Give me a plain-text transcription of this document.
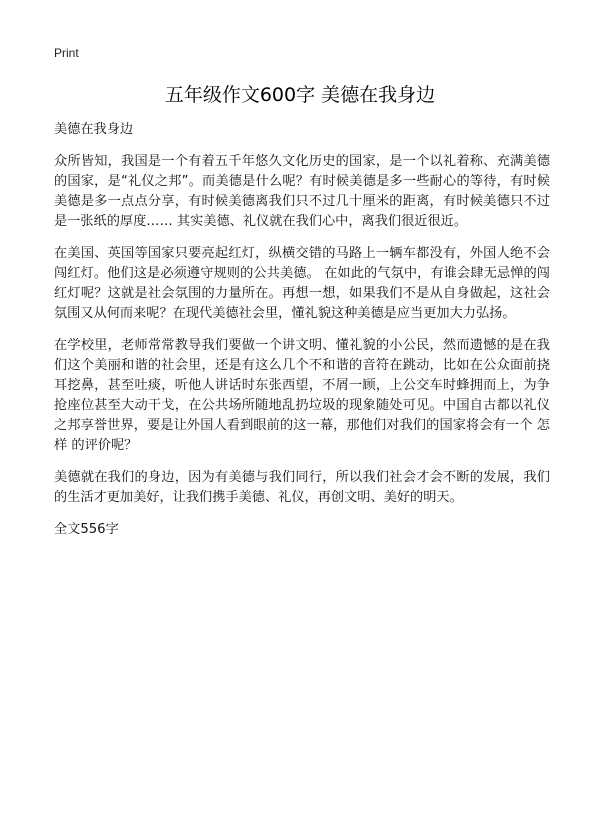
Print
五年级作文600字 美德在我身边

美德在我身边

众所皆知，我国是一个有着五千年悠久文化历史的国家，是一个以礼着称、充满美德的国家，是“礼仪之邦”。而美德是什么呢？有时候美德是多一些耐心的等待，有时候美德是多一点点分享，有时候美德离我们只不过几十厘米的距离，有时候美德只不过是一张纸的厚度…… 其实美德、礼仪就在我们心中，离我们很近很近。

在美国、英国等国家只要亮起红灯，纵横交错的马路上一辆车都没有，外国人绝不会闯红灯。他们这是必须遵守规则的公共美德。 在如此的气氛中，有谁会肆无忌惮的闯红灯呢？这就是社会氛围的力量所在。再想一想，如果我们不是从自身做起，这社会氛围又从何而来呢？在现代美德社会里，懂礼貌这种美德是应当更加大力弘扬。

在学校里，老师常常教导我们要做一个讲文明、懂礼貌的小公民，然而遗憾的是在我们这个美丽和谐的社会里，还是有这么几个不和谐的音符在跳动，比如在公众面前挠耳挖鼻，甚至吐痰，听他人讲话时东张西望，不屑一顾，上公交车时蜂拥而上，为争抢座位甚至大动干戈，在公共场所随地乱扔垃圾的现象随处可见。中国自古都以礼仪之邦享誉世界，要是让外国人看到眼前的这一幕，那他们对我们的国家将会有一个 怎样 的评价呢？

美德就在我们的身边，因为有美德与我们同行，所以我们社会才会不断的发展，我们的生活才更加美好，让我们携手美德、礼仪，再创文明、美好的明天。

全文556字
